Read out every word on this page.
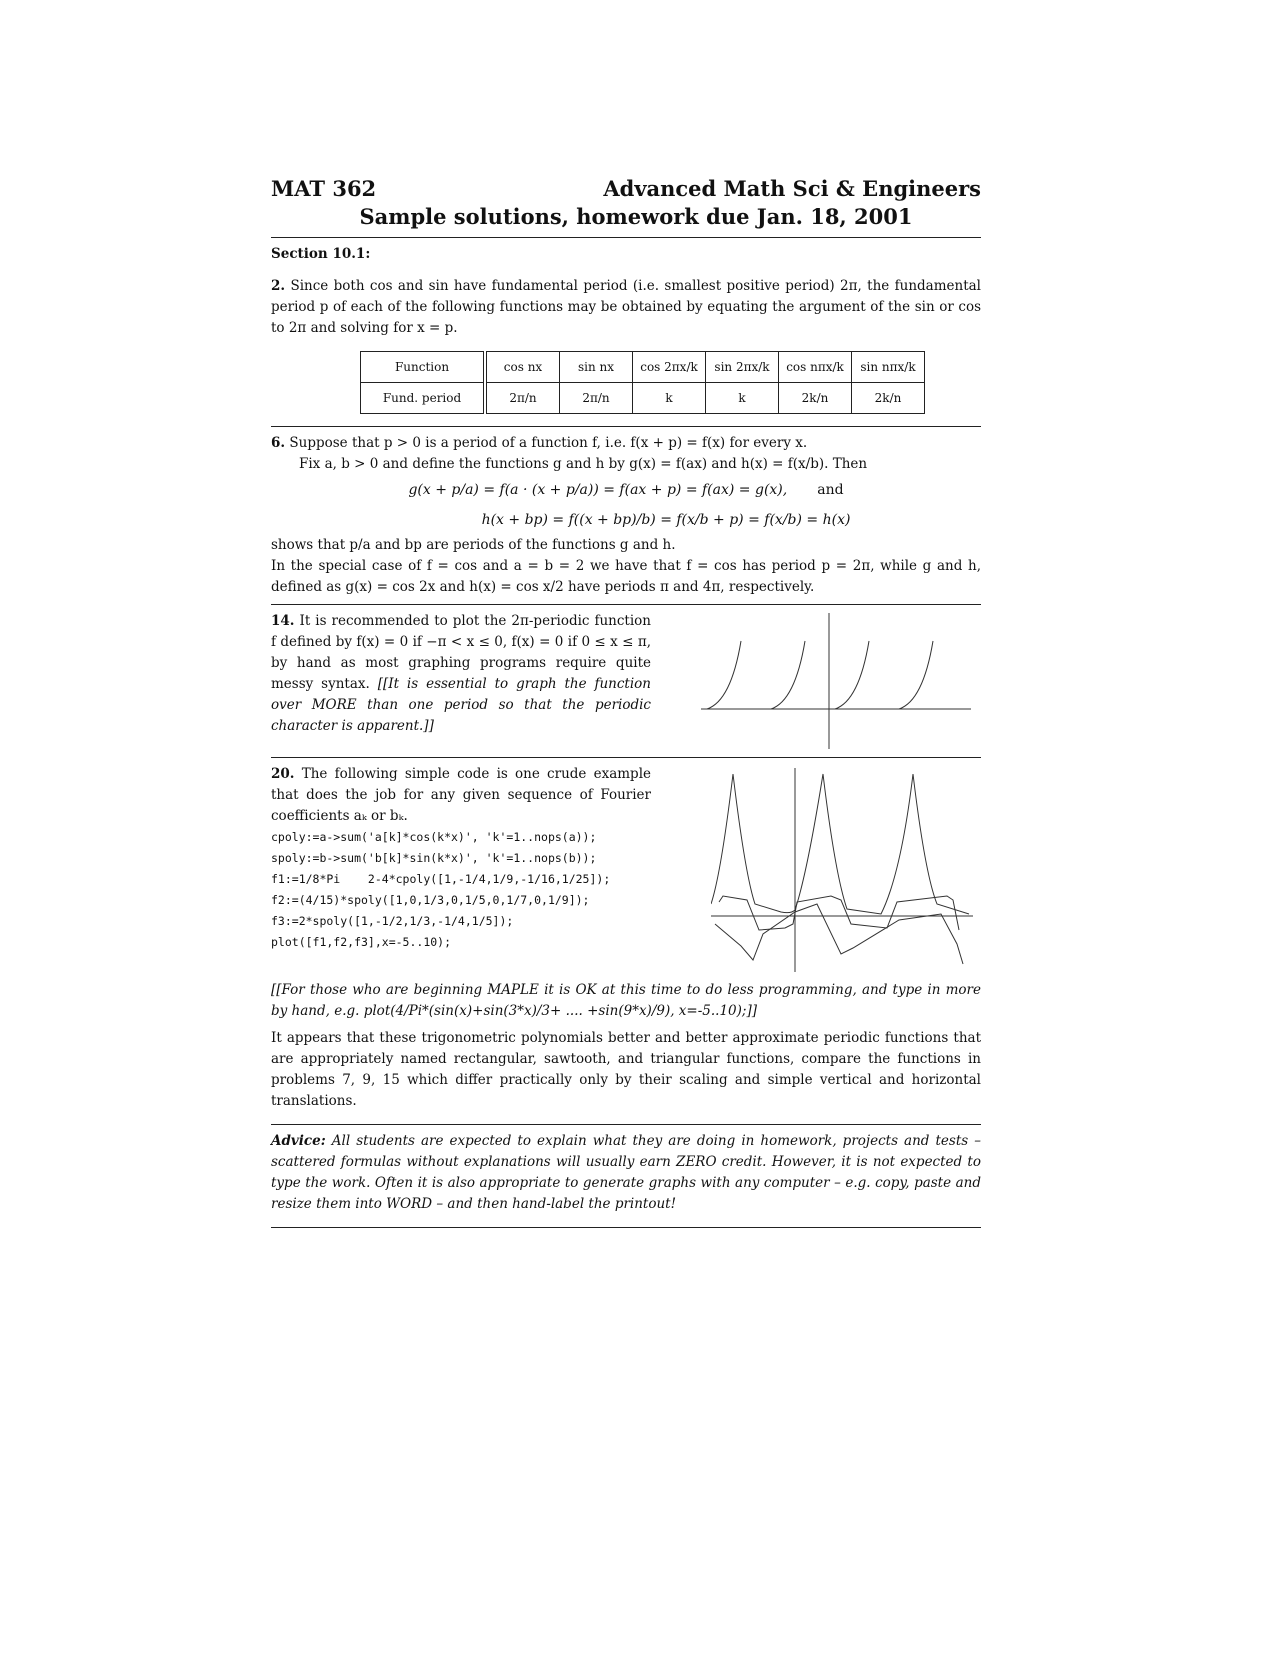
MAT 362	Advanced Math Sci & Engineers
Sample solutions, homework due Jan. 18, 2001
Section 10.1:

2. Since both cos and sin have fundamental period (i.e. smallest positive period) 2π, the fundamental period p of each of the following functions may be obtained by equating the argument of the sin or cos to 2π and solving for x = p.

Function	cos nx	sin nx	cos 2πx/k	sin 2πx/k	cos nπx/k	sin nπx/k
Fund. period	2π/n	2π/n	k	k	2k/n	2k/n

6. Suppose that p > 0 is a period of a function f, i.e. f(x + p) = f(x) for every x.

Fix a, b > 0 and define the functions g and h by g(x) = f(ax) and h(x) = f(x/b). Then

g(x + p/a) = f(a · (x + p/a)) = f(ax + p) = f(ax) = g(x), and
h(x + bp) = f((x + bp)/b) = f(x/b + p) = f(x/b) = h(x)

shows that p/a and bp are periods of the functions g and h.

In the special case of f = cos and a = b = 2 we have that f = cos has period p = 2π, while g and h, defined as g(x) = cos 2x and h(x) = cos x/2 have periods π and 4π, respectively.

14. It is recommended to plot the 2π-periodic function f defined by f(x) = 0 if −π < x ≤ 0, f(x) = 0 if 0 ≤ x ≤ π, by hand as most graphing programs require quite messy syntax. [[It is essential to graph the function over MORE than one period so that the periodic character is apparent.]]

20. The following simple code is one crude example that does the job for any given sequence of Fourier coefficients aₖ or bₖ.

cpoly:=a->sum('a[k]*cos(k*x)', 'k'=1..nops(a));
spoly:=b->sum('b[k]*sin(k*x)', 'k'=1..nops(b));
f1:=1/8*Pi    2-4*cpoly([1,-1/4,1/9,-1/16,1/25]);
f2:=(4/15)*spoly([1,0,1/3,0,1/5,0,1/7,0,1/9]);
f3:=2*spoly([1,-1/2,1/3,-1/4,1/5]);
plot([f1,f2,f3],x=-5..10);

[[For those who are beginning MAPLE it is OK at this time to do less programming, and type in more by hand, e.g. plot(4/Pi*(sin(x)+sin(3*x)/3+ .... +sin(9*x)/9), x=-5..10);]]

It appears that these trigonometric polynomials better and better approximate periodic functions that are appropriately named rectangular, sawtooth, and triangular functions, compare the functions in problems 7, 9, 15 which differ practically only by their scaling and simple vertical and horizontal translations.

Advice: All students are expected to explain what they are doing in homework, projects and tests – scattered formulas without explanations will usually earn ZERO credit. However, it is not expected to type the work. Often it is also appropriate to generate graphs with any computer – e.g. copy, paste and resize them into WORD – and then hand-label the printout!
